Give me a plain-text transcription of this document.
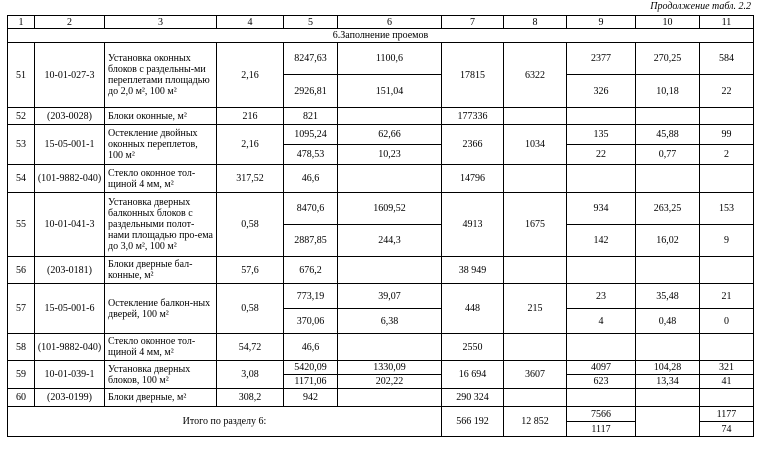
Продолжение табл. 2.2
1	2	3	4	5	6	7	8	9	10	11
6.Заполнение проемов										
51	10-01-027-3	Установка оконных блоков с раздельны-ми переплетами площадью до 2,0 м², 100 м²	2,16	8247,63	1100,6	17815	6322	2377	270,25	584
				2926,81	151,04			326	10,18	22
52	(203-0028)	Блоки оконные, м²	216	821		177336				
53	15-05-001-1	Остекление двойных оконных переплетов, 100 м²	2,16	1095,24	62,66	2366	1034	135	45,88	99
				478,53	10,23			22	0,77	2
54	(101-9882-040)	Стекло оконное тол-щиной 4 мм, м²	317,52	46,6		14796				
55	10-01-041-3	Установка дверных балконных блоков с раздельными полот-нами площадью про-ема до 3,0 м², 100 м²	0,58	8470,6	1609,52	4913	1675	934	263,25	153
				2887,85	244,3			142	16,02	9
56	(203-0181)	Блоки дверные бал-конные, м²	57,6	676,2		38 949				
57	15-05-001-6	Остекление балкон-ных дверей, 100 м²	0,58	773,19	39,07	448	215	23	35,48	21
				370,06	6,38			4	0,48	0
58	(101-9882-040)	Стекло оконное тол-щиной 4 мм, м²	54,72	46,6		2550				
59	10-01-039-1	Установка дверных блоков, 100 м²	3,08	5420,09	1330,09	16 694	3607	4097	104,28	321
				1171,06	202,22			623	13,34	41
60	(203-0199)	Блоки дверные, м²	308,2	942		290 324				
Итого по разделу 6:						566 192	12 852	7566		1177
								1117		74
